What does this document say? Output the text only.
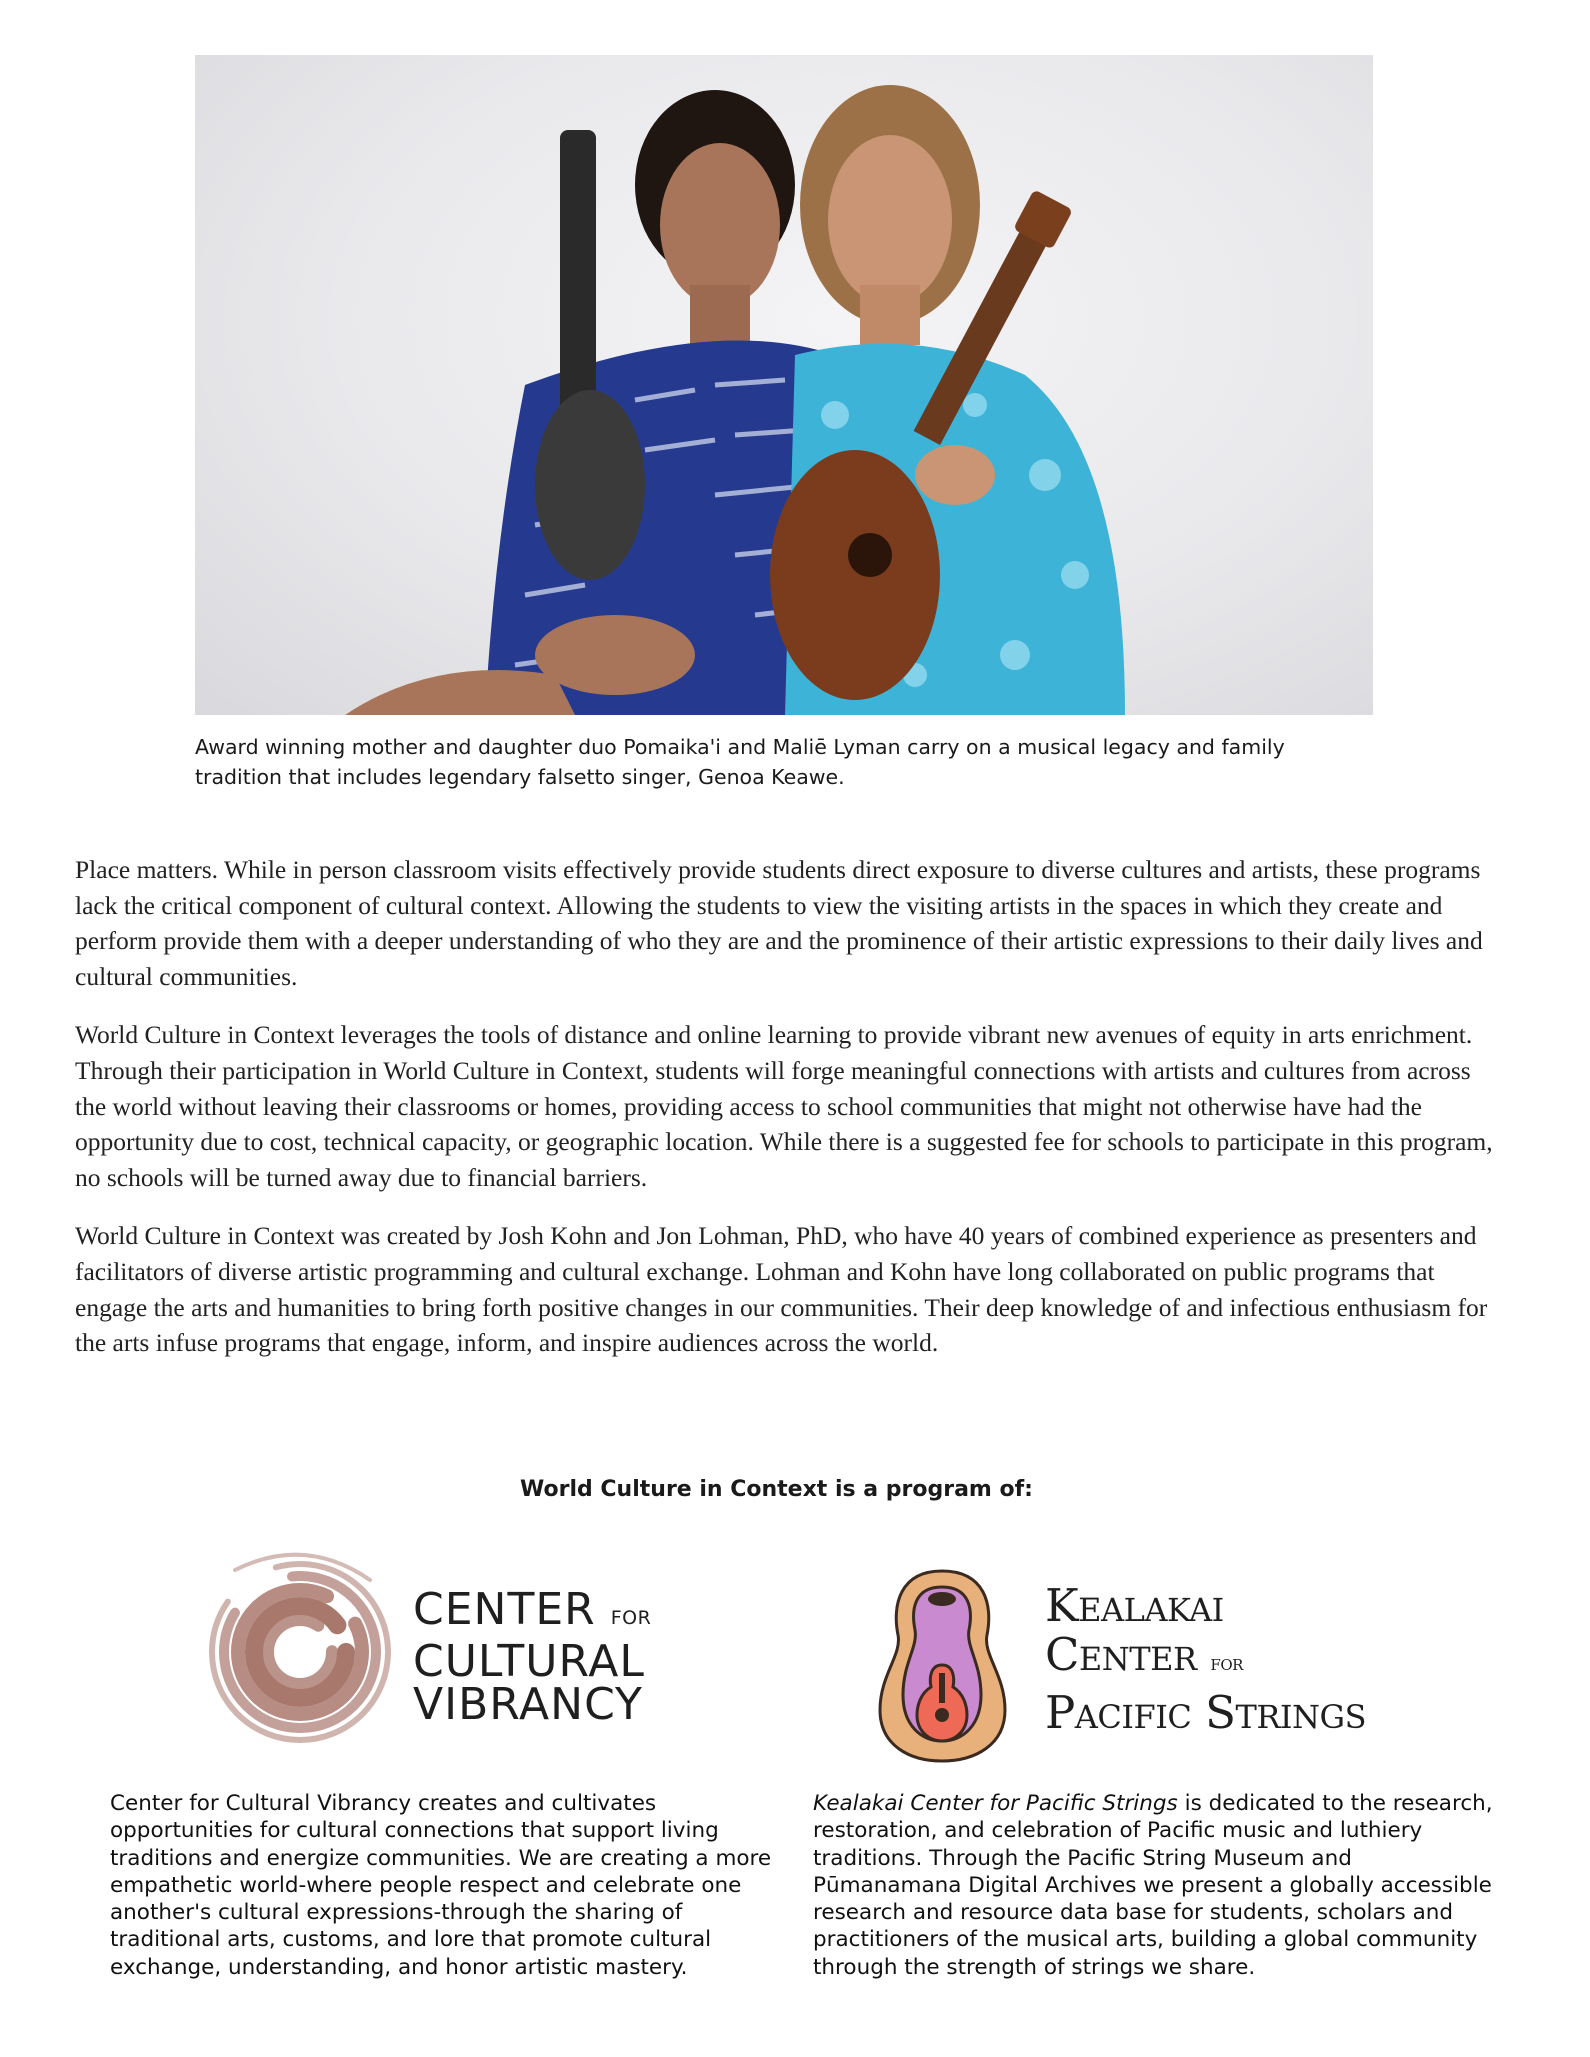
Award winning mother and daughter duo Pomaika'i and Maliē Lyman carry on a musical legacy and family
tradition that includes legendary falsetto singer, Genoa Keawe.

Place matters. While in person classroom visits effectively provide students direct exposure to diverse cultures and artists, these programs lack the critical component of cultural context. Allowing the students to view the visiting artists in the spaces in which they create and perform provide them with a deeper understanding of who they are and the prominence of their artistic expressions to their daily lives and cultural communities.

World Culture in Context leverages the tools of distance and online learning to provide vibrant new avenues of equity in arts enrichment. Through their participation in World Culture in Context, students will forge meaningful connections with artists and cultures from across the world without leaving their classrooms or homes, providing access to school communities that might not otherwise have had the opportunity due to cost, technical capacity, or geographic location. While there is a suggested fee for schools to participate in this program, no schools will be turned away due to financial barriers.

World Culture in Context was created by Josh Kohn and Jon Lohman, PhD, who have 40 years of combined experience as presenters and facilitators of diverse artistic programming and cultural exchange. Lohman and Kohn have long collaborated on public programs that engage the arts and humanities to bring forth positive changes in our communities. Their deep knowledge of and infectious enthusiasm for the arts infuse programs that engage, inform, and inspire audiences across the world.

World Culture in Context is a program of:

CENTER FOR
CULTURAL
VIBRANCY
Kealakai
Center for
Pacific Strings

Center for Cultural Vibrancy creates and cultivates opportunities for cultural connections that support living traditions and energize communities. We are creating a more empathetic world-where people respect and celebrate one another's cultural expressions-through the sharing of traditional arts, customs, and lore that promote cultural exchange, understanding, and honor artistic mastery.

Kealakai Center for Pacific Strings is dedicated to the research, restoration, and celebration of Pacific music and luthiery traditions. Through the Pacific String Museum and Pūmanamana Digital Archives we present a globally accessible research and resource data base for students, scholars and practitioners of the musical arts, building a global community through the strength of strings we share.
